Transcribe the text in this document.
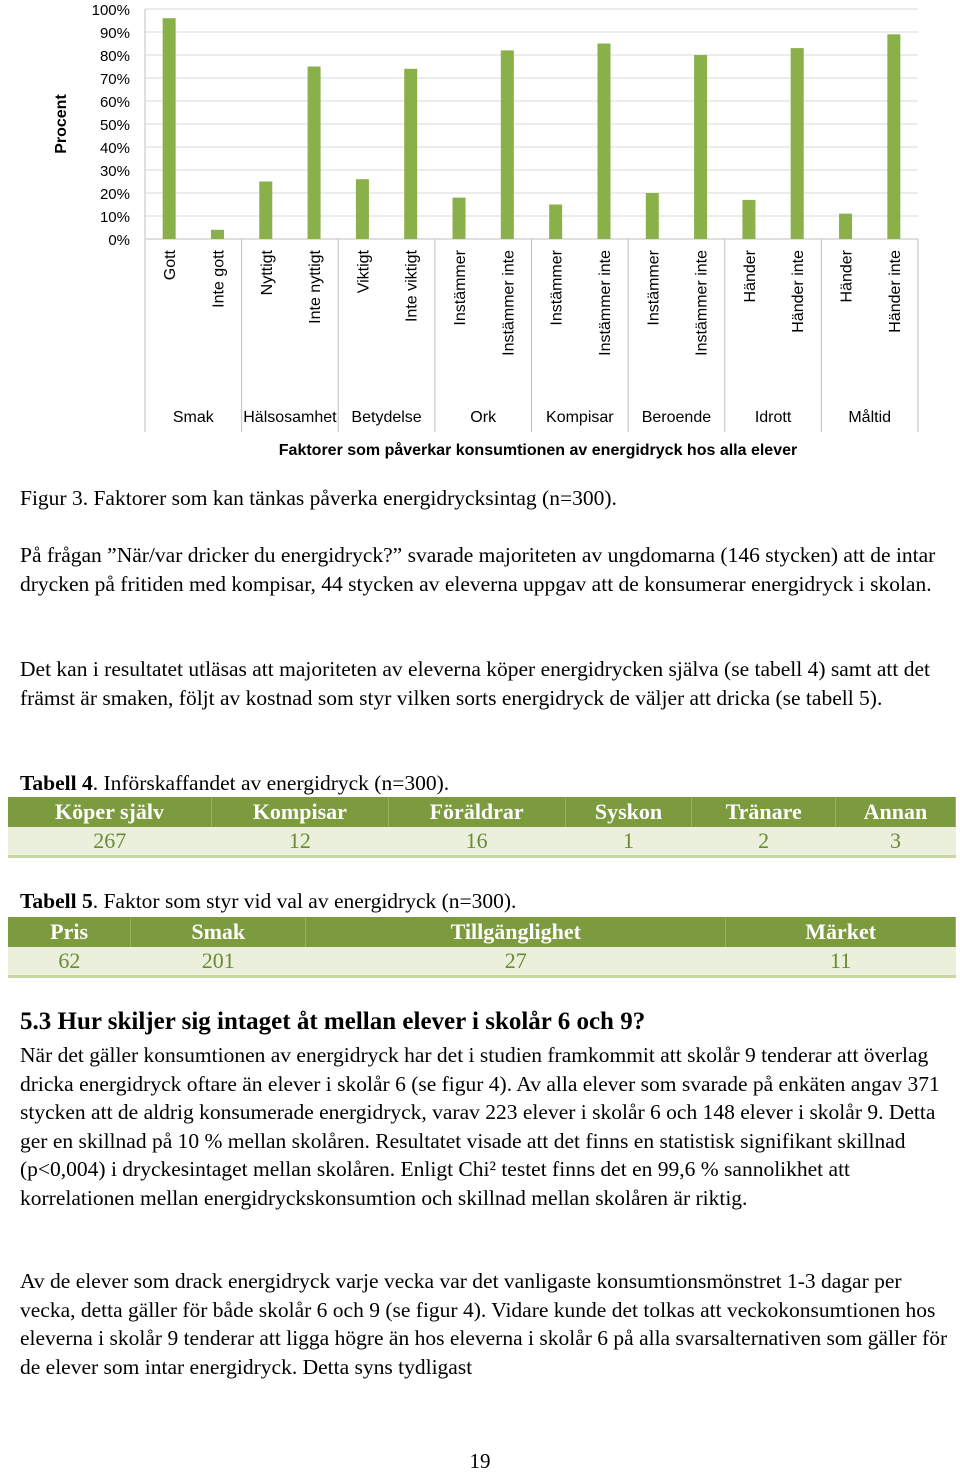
100%
90%
80%
70%
60%
50%
40%
30%
20%
10%
0%
Gott Inte gott Nyttigt Inte nyttigt Viktigt Inte viktigt Instämmer Instämmer inte Instämmer Instämmer inte Instämmer Instämmer inte Händer Händer inte Händer Händer inte
Smak Hälsosamhet Betydelse	Ork	Kompisar Beroende	Idrott	Måltid
Procent
Faktorer som påverkar konsumtionen av energidryck hos alla elever

Figur 3. Faktorer som kan tänkas påverka energidrycksintag (n=300).

På frågan ”När/var dricker du energidryck?” svarade majoriteten av ungdomarna (146 stycken) att de intar drycken på fritiden med kompisar, 44 stycken av eleverna uppgav att de konsumerar energidryck i skolan.

Det kan i resultatet utläsas att majoriteten av eleverna köper energidrycken själva (se tabell 4) samt att det främst är smaken, följt av kostnad som styr vilken sorts energidryck de väljer att dricka (se tabell 5).

Tabell 4. Införskaffandet av energidryck (n=300).

Köper själv	Kompisar	Föräldrar	Syskon	Tränare	Annan
267	12	16	1	2	3

Tabell 5. Faktor som styr vid val av energidryck (n=300).

Pris	Smak	Tillgänglighet	Märket
62	201	27	11
5.3 Hur skiljer sig intaget åt mellan elever i skolår 6 och 9?

När det gäller konsumtionen av energidryck har det i studien framkommit att skolår 9 tenderar att överlag dricka energidryck oftare än elever i skolår 6 (se figur 4). Av alla elever som svarade på enkäten angav 371 stycken att de aldrig konsumerade energidryck, varav 223 elever i skolår 6 och 148 elever i skolår 9. Detta ger en skillnad på 10 % mellan skolåren. Resultatet visade att det finns en statistisk signifikant skillnad (p<0,004) i dryckesintaget mellan skolåren. Enligt Chi² testet finns det en 99,6 % sannolikhet att korrelationen mellan energidryckskonsumtion och skillnad mellan skolåren är riktig.

Av de elever som drack energidryck varje vecka var det vanligaste konsumtionsmönstret 1-3 dagar per vecka, detta gäller för både skolår 6 och 9 (se figur 4). Vidare kunde det tolkas att veckokonsumtionen hos eleverna i skolår 9 tenderar att ligga högre än hos eleverna i skolår 6 på alla svarsalternativen som gäller för de elever som intar energidryck. Detta syns tydligast

19
